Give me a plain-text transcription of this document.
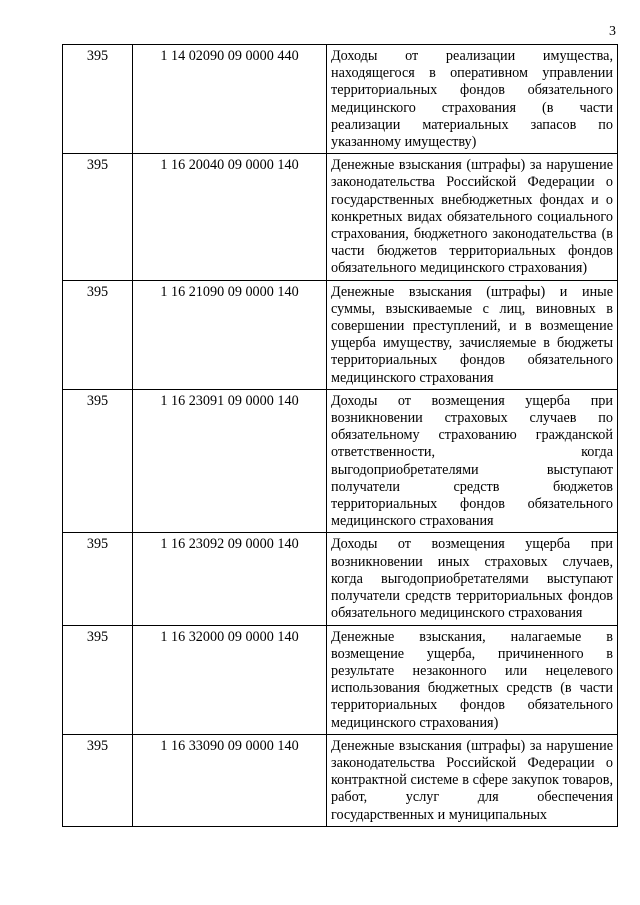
3
395	1 14 02090 09 0000 440	Доходы от реализации имущества, находящегося в оперативном управлении территориальных фондов обязательного медицинского страхования (в части реализации материальных запасов по указанному имуществу)

395	1 16 20040 09 0000 140	Денежные взыскания (штрафы) за нарушение законодательства Российской Федерации о государственных внебюджетных фондах и о конкретных видах обязательного социального страхования, бюджетного законодательства (в части бюджетов территориальных фондов обязательного медицинского страхования)

395	1 16 21090 09 0000 140	Денежные взыскания (штрафы) и иные суммы, взыскиваемые с лиц, виновных в совершении преступлений, и в возмещение ущерба имуществу, зачисляемые в бюджеты территориальных фондов обязательного медицинского страхования

395	1 16 23091 09 0000 140	Доходы от возмещения ущерба при возникновении страховых случаев по обязательному страхованию гражданской ответственности, когда выгодоприобретателями выступают получатели средств бюджетов территориальных фондов обязательного медицинского страхования

395	1 16 23092 09 0000 140	Доходы от возмещения ущерба при возникновении иных страховых случаев, когда выгодоприобретателями выступают получатели средств территориальных фондов обязательного медицинского страхования

395	1 16 32000 09 0000 140	Денежные взыскания, налагаемые в возмещение ущерба, причиненного в результате незаконного или нецелевого использования бюджетных средств (в части территориальных фондов обязательного медицинского страхования)

395	1 16 33090 09 0000 140	Денежные взыскания (штрафы) за нарушение законодательства Российской Федерации о контрактной системе в сфере закупок товаров, работ, услуг для обеспечения государственных и муниципальных
